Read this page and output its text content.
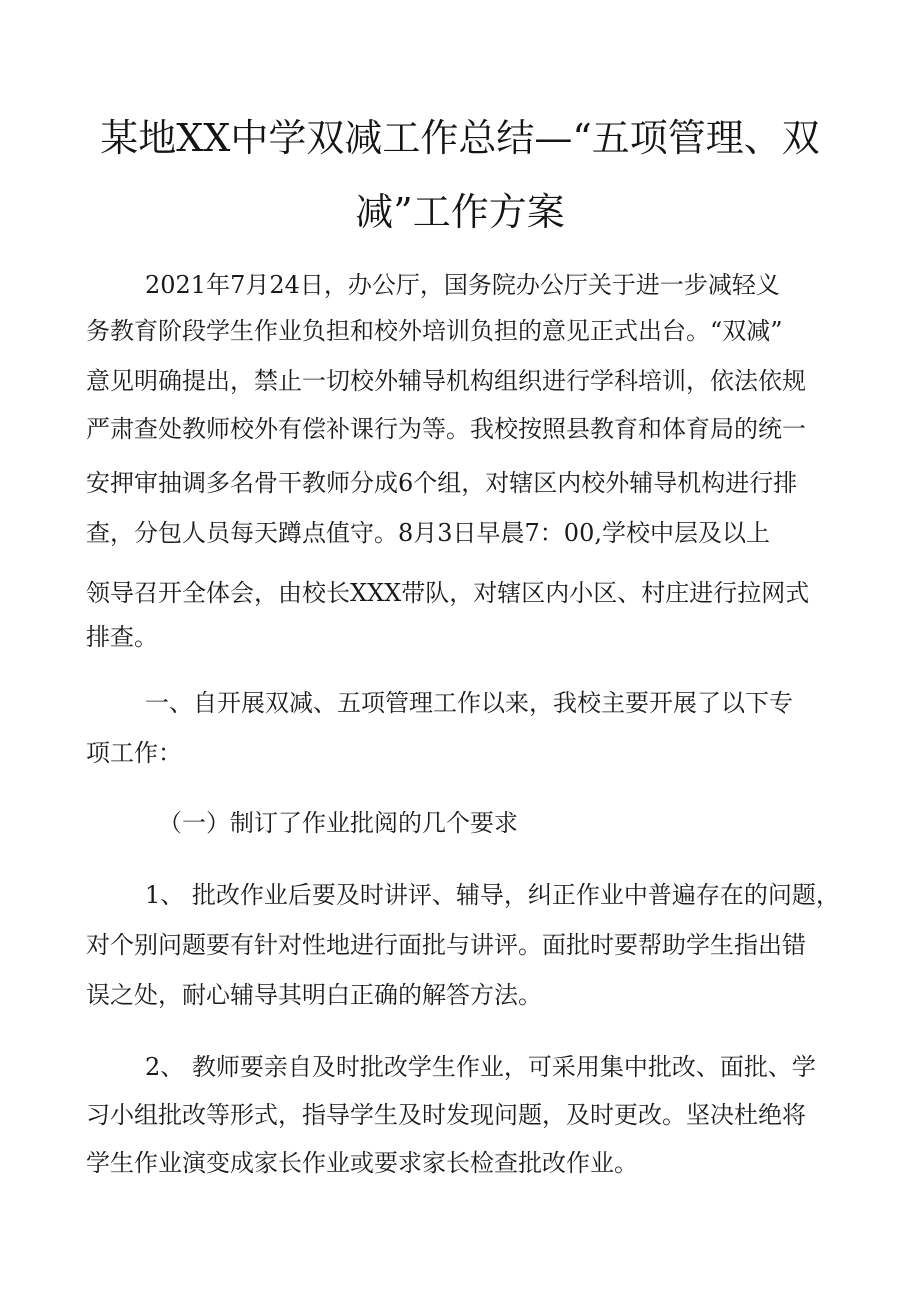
某地XX中学双减工作总结—“五项管理、双
减”工作方案
2021年7月24日，办公厅，国务院办公厅关于进一步减轻义
务教育阶段学生作业负担和校外培训负担的意见正式出台。“双减”
意见明确提出，禁止一切校外辅导机构组织进行学科培训，依法依规
严肃查处教师校外有偿补课行为等。我校按照县教育和体育局的统一
安押审抽调多名骨干教师分成6个组，对辖区内校外辅导机构进行排
查，分包人员每天蹲点值守。8月3日早晨7：00,学校中层及以上
领导召开全体会，由校长XXX带队，对辖区内小区、村庄进行拉网式
排查。
一、自开展双减、五项管理工作以来，我校主要开展了以下专
项工作：
（一）制订了作业批阅的几个要求
1、 批改作业后要及时讲评、辅导，纠正作业中普遍存在的问题，
对个别问题要有针对性地进行面批与讲评。面批时要帮助学生指出错
误之处，耐心辅导其明白正确的解答方法。
2、 教师要亲自及时批改学生作业，可采用集中批改、面批、学
习小组批改等形式，指导学生及时发现问题，及时更改。坚决杜绝将
学生作业演变成家长作业或要求家长检查批改作业。
